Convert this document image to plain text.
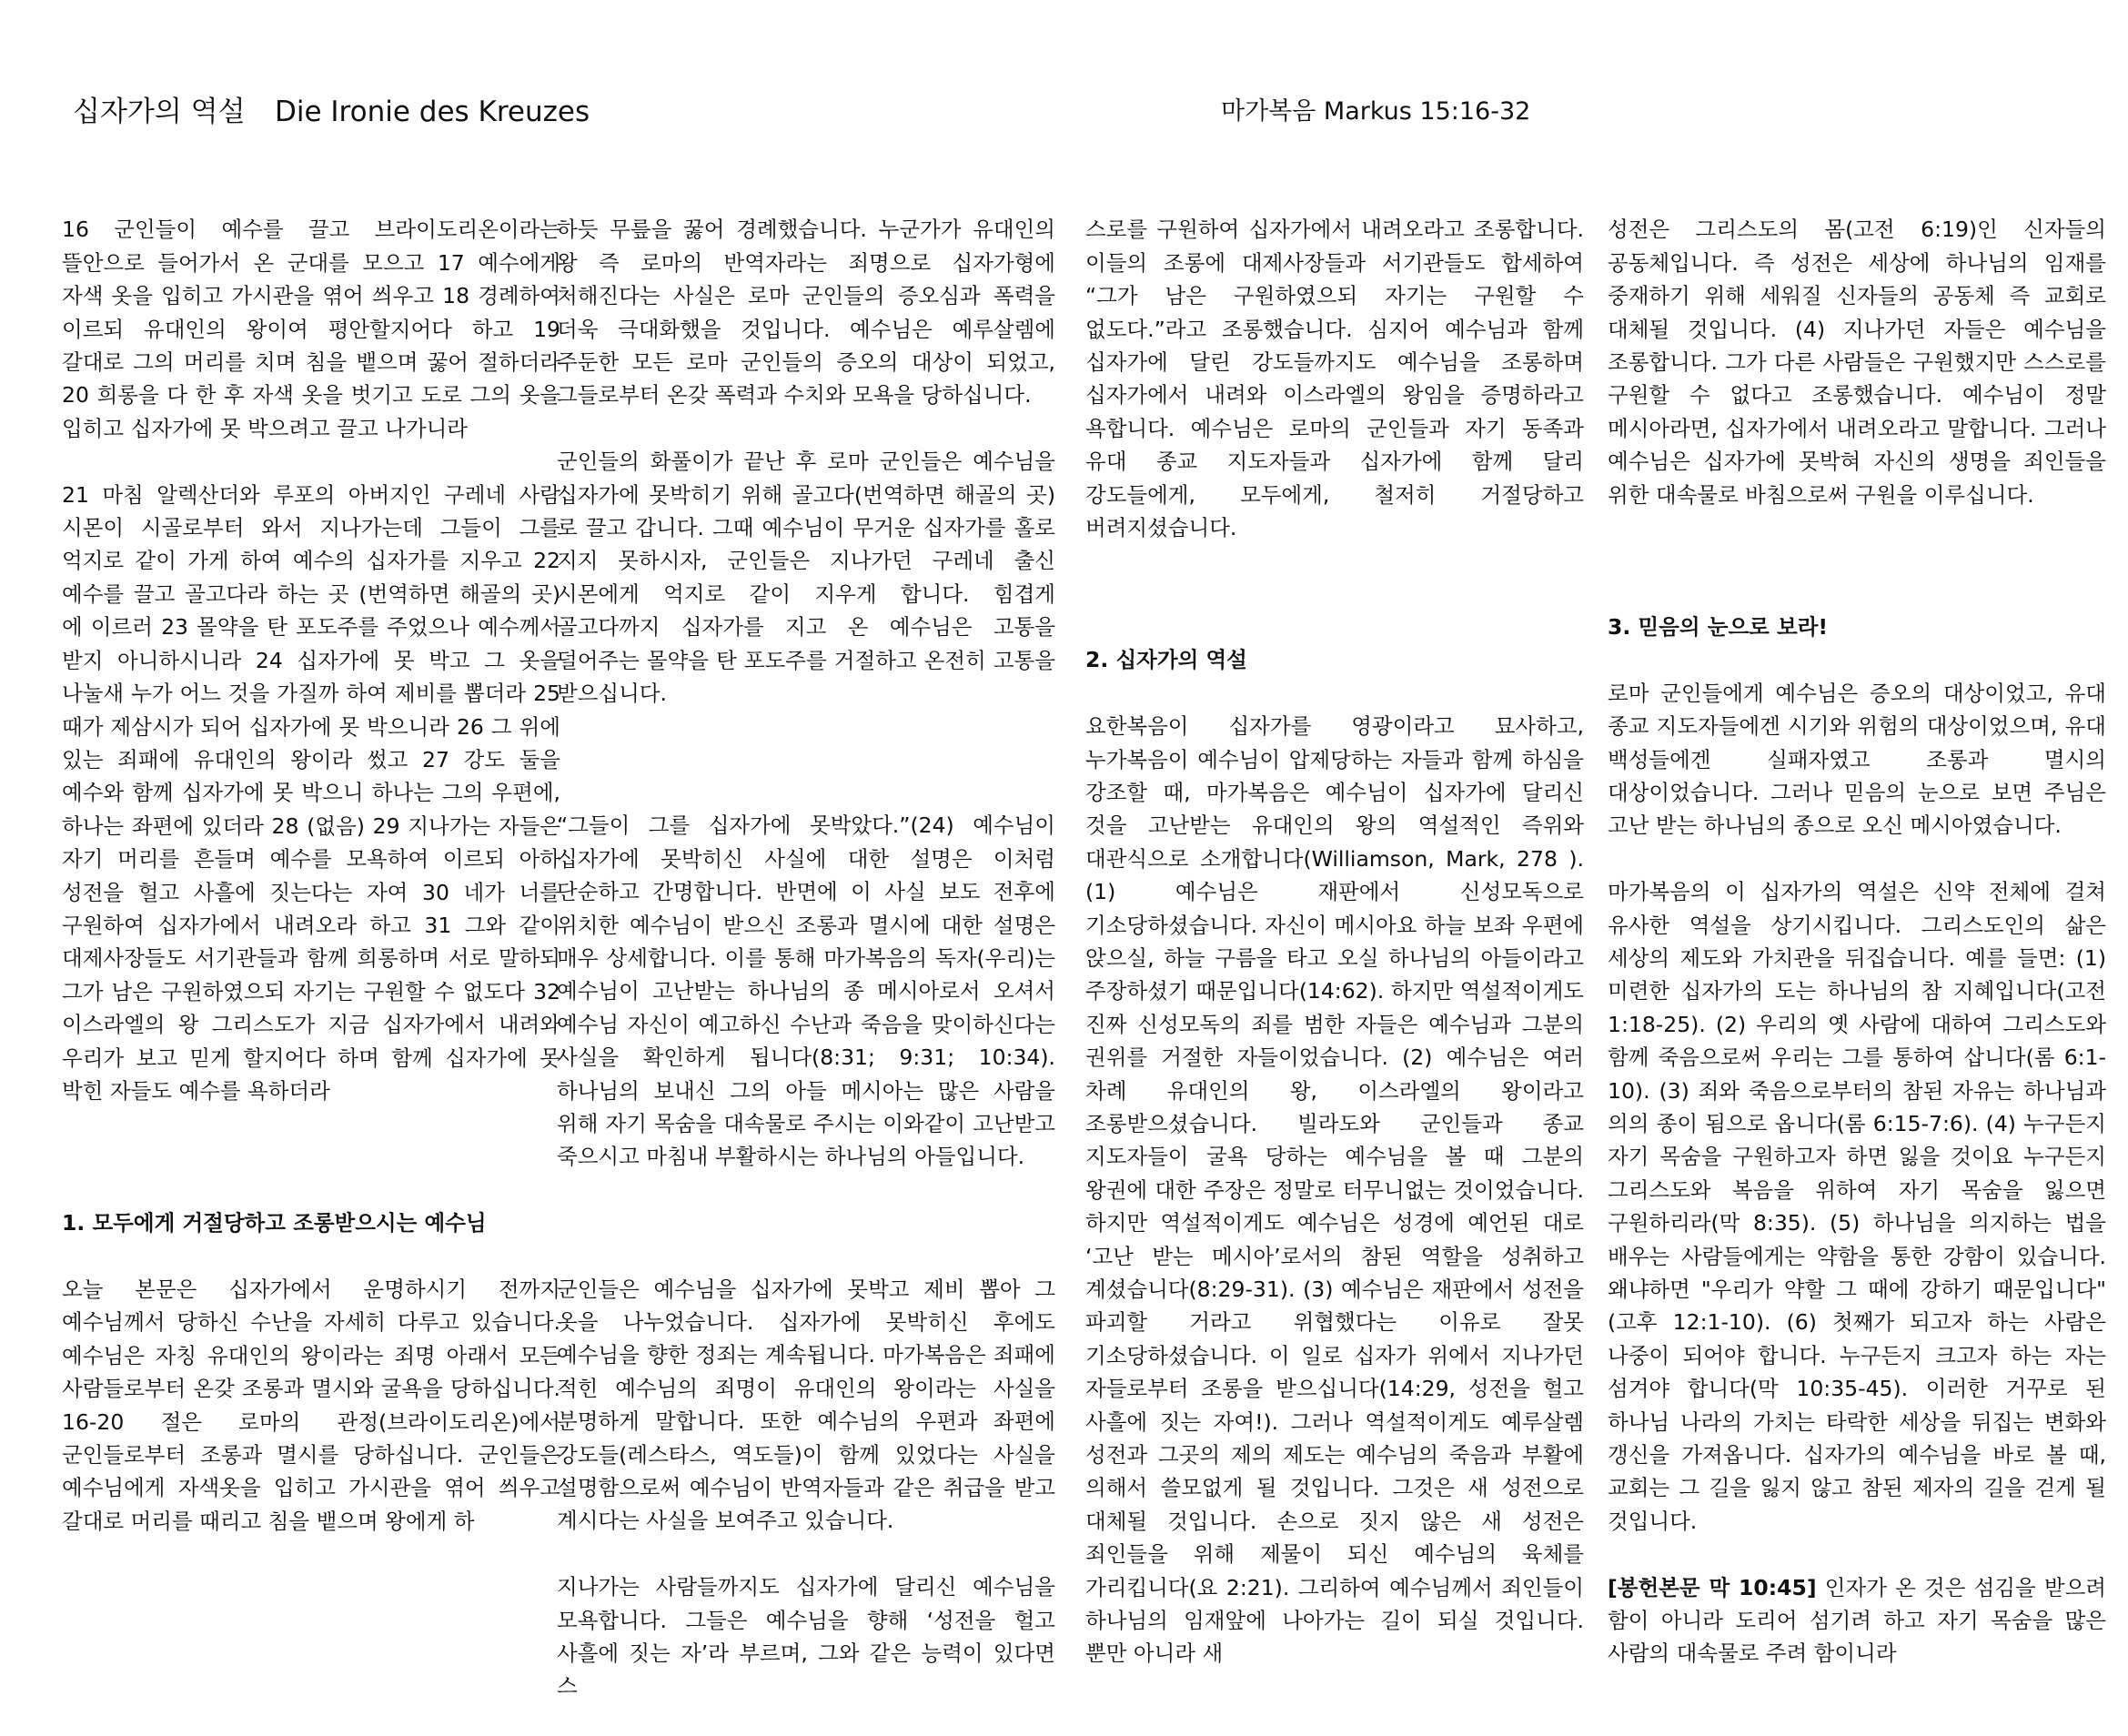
십자가의 역설 Die Ironie des Kreuzes	마가복음 Markus 15:16-32

16 군인들이 예수를 끌고 브라이도리온이라는 뜰안으로 들어가서 온 군대를 모으고 17 예수에게 자색 옷을 입히고 가시관을 엮어 씌우고 18 경례하여 이르되 유대인의 왕이여 평안할지어다 하고 19 갈대로 그의 머리를 치며 침을 뱉으며 꿇어 절하더라 20 희롱을 다 한 후 자색 옷을 벗기고 도로 그의 옷을 입히고 십자가에 못 박으려고 끌고 나가니라

21 마침 알렉산더와 루포의 아버지인 구레네 사람 시몬이 시골로부터 와서 지나가는데 그들이 그를 억지로 같이 가게 하여 예수의 십자가를 지우고 22 예수를 끌고 골고다라 하는 곳 (번역하면 해골의 곳) 에 이르러 23 몰약을 탄 포도주를 주었으나 예수께서 받지 아니하시니라 24 십자가에 못 박고 그 옷을 나눌새 누가 어느 것을 가질까 하여 제비를 뽑더라 25 때가 제삼시가 되어 십자가에 못 박으니라 26 그 위에 있는 죄패에 유대인의 왕이라 썼고 27 강도 둘을 예수와 함께 십자가에 못 박으니 하나는 그의 우편에, 하나는 좌편에 있더라 28 (없음) 29 지나가는 자들은 자기 머리를 흔들며 예수를 모욕하여 이르되 아하 성전을 헐고 사흘에 짓는다는 자여 30 네가 너를 구원하여 십자가에서 내려오라 하고 31 그와 같이 대제사장들도 서기관들과 함께 희롱하며 서로 말하되 그가 남은 구원하였으되 자기는 구원할 수 없도다 32 이스라엘의 왕 그리스도가 지금 십자가에서 내려와 우리가 보고 믿게 할지어다 하며 함께 십자가에 못 박힌 자들도 예수를 욕하더라

1. 모두에게 거절당하고 조롱받으시는 예수님

오늘 본문은 십자가에서 운명하시기 전까지 예수님께서 당하신 수난을 자세히 다루고 있습니다. 예수님은 자칭 유대인의 왕이라는 죄명 아래서 모든 사람들로부터 온갖 조롱과 멸시와 굴욕을 당하십니다. 16-20 절은 로마의 관정(브라이도리온)에서 군인들로부터 조롱과 멸시를 당하십니다. 군인들은 예수님에게 자색옷을 입히고 가시관을 엮어 씌우고 갈대로 머리를 때리고 침을 뱉으며 왕에게 하

하듯 무릎을 꿇어 경례했습니다. 누군가가 유대인의 왕 즉 로마의 반역자라는 죄명으로 십자가형에 처해진다는 사실은 로마 군인들의 증오심과 폭력을 더욱 극대화했을 것입니다. 예수님은 예루살렘에 주둔한 모든 로마 군인들의 증오의 대상이 되었고, 그들로부터 온갖 폭력과 수치와 모욕을 당하십니다.

군인들의 화풀이가 끝난 후 로마 군인들은 예수님을 십자가에 못박히기 위해 골고다(번역하면 해골의 곳)로 끌고 갑니다. 그때 예수님이 무거운 십자가를 홀로 지지 못하시자, 군인들은 지나가던 구레네 출신 시몬에게 억지로 같이 지우게 합니다. 힘겹게 골고다까지 십자가를 지고 온 예수님은 고통을 덜어주는 몰약을 탄 포도주를 거절하고 온전히 고통을 받으십니다.

“그들이 그를 십자가에 못박았다.”(24) 예수님이 십자가에 못박히신 사실에 대한 설명은 이처럼 단순하고 간명합니다. 반면에 이 사실 보도 전후에 위치한 예수님이 받으신 조롱과 멸시에 대한 설명은 매우 상세합니다. 이를 통해 마가복음의 독자(우리)는 예수님이 고난받는 하나님의 종 메시아로서 오셔서 예수님 자신이 예고하신 수난과 죽음을 맞이하신다는 사실을 확인하게 됩니다(8:31; 9:31; 10:34). 하나님의 보내신 그의 아들 메시아는 많은 사람을 위해 자기 목숨을 대속물로 주시는 이와같이 고난받고 죽으시고 마침내 부활하시는 하나님의 아들입니다.

군인들은 예수님을 십자가에 못박고 제비 뽑아 그 옷을 나누었습니다. 십자가에 못박히신 후에도 예수님을 향한 정죄는 계속됩니다. 마가복음은 죄패에 적힌 예수님의 죄명이 유대인의 왕이라는 사실을 분명하게 말합니다. 또한 예수님의 우편과 좌편에 강도들(레스타스, 역도들)이 함께 있었다는 사실을 설명함으로써 예수님이 반역자들과 같은 취급을 받고 계시다는 사실을 보여주고 있습니다.

지나가는 사람들까지도 십자가에 달리신 예수님을 모욕합니다. 그들은 예수님을 향해 ‘성전을 헐고 사흘에 짓는 자’라 부르며, 그와 같은 능력이 있다면 스

스로를 구원하여 십자가에서 내려오라고 조롱합니다. 이들의 조롱에 대제사장들과 서기관들도 합세하여 “그가 남은 구원하였으되 자기는 구원할 수 없도다.”라고 조롱했습니다. 심지어 예수님과 함께 십자가에 달린 강도들까지도 예수님을 조롱하며 십자가에서 내려와 이스라엘의 왕임을 증명하라고 욕합니다. 예수님은 로마의 군인들과 자기 동족과 유대 종교 지도자들과 십자가에 함께 달리 강도들에게, 모두에게, 철저히 거절당하고 버려지셨습니다.

2. 십자가의 역설

요한복음이 십자가를 영광이라고 묘사하고, 누가복음이 예수님이 압제당하는 자들과 함께 하심을 강조할 때, 마가복음은 예수님이 십자가에 달리신 것을 고난받는 유대인의 왕의 역설적인 즉위와 대관식으로 소개합니다(Williamson, Mark, 278 ). (1) 예수님은 재판에서 신성모독으로 기소당하셨습니다. 자신이 메시아요 하늘 보좌 우편에 앉으실, 하늘 구름을 타고 오실 하나님의 아들이라고 주장하셨기 때문입니다(14:62). 하지만 역설적이게도 진짜 신성모독의 죄를 범한 자들은 예수님과 그분의 권위를 거절한 자들이었습니다. (2) 예수님은 여러 차례 유대인의 왕, 이스라엘의 왕이라고 조롱받으셨습니다. 빌라도와 군인들과 종교 지도자들이 굴욕 당하는 예수님을 볼 때 그분의 왕권에 대한 주장은 정말로 터무니없는 것이었습니다. 하지만 역설적이게도 예수님은 성경에 예언된 대로 ‘고난 받는 메시아’로서의 참된 역할을 성취하고 계셨습니다(8:29-31). (3) 예수님은 재판에서 성전을 파괴할 거라고 위협했다는 이유로 잘못 기소당하셨습니다. 이 일로 십자가 위에서 지나가던 자들로부터 조롱을 받으십니다(14:29, 성전을 헐고 사흘에 짓는 자여!). 그러나 역설적이게도 예루살렘 성전과 그곳의 제의 제도는 예수님의 죽음과 부활에 의해서 쓸모없게 될 것입니다. 그것은 새 성전으로 대체될 것입니다. 손으로 짓지 않은 새 성전은 죄인들을 위해 제물이 되신 예수님의 육체를 가리킵니다(요 2:21). 그리하여 예수님께서 죄인들이 하나님의 임재앞에 나아가는 길이 되실 것입니다. 뿐만 아니라 새

성전은 그리스도의 몸(고전 6:19)인 신자들의 공동체입니다. 즉 성전은 세상에 하나님의 임재를 중재하기 위해 세워질 신자들의 공동체 즉 교회로 대체될 것입니다. (4) 지나가던 자들은 예수님을 조롱합니다. 그가 다른 사람들은 구원했지만 스스로를 구원할 수 없다고 조롱했습니다. 예수님이 정말 메시아라면, 십자가에서 내려오라고 말합니다. 그러나 예수님은 십자가에 못박혀 자신의 생명을 죄인들을 위한 대속물로 바침으로써 구원을 이루십니다.

3. 믿음의 눈으로 보라!

로마 군인들에게 예수님은 증오의 대상이었고, 유대 종교 지도자들에겐 시기와 위험의 대상이었으며, 유대 백성들에겐 실패자였고 조롱과 멸시의 대상이었습니다. 그러나 믿음의 눈으로 보면 주님은 고난 받는 하나님의 종으로 오신 메시아였습니다.

마가복음의 이 십자가의 역설은 신약 전체에 걸쳐 유사한 역설을 상기시킵니다. 그리스도인의 삶은 세상의 제도와 가치관을 뒤집습니다. 예를 들면: (1) 미련한 십자가의 도는 하나님의 참 지혜입니다(고전 1:18-25). (2) 우리의 옛 사람에 대하여 그리스도와 함께 죽음으로써 우리는 그를 통하여 삽니다(롬 6:1-10). (3) 죄와 죽음으로부터의 참된 자유는 하나님과 의의 종이 됨으로 옵니다(롬 6:15-7:6). (4) 누구든지 자기 목숨을 구원하고자 하면 잃을 것이요 누구든지 그리스도와 복음을 위하여 자기 목숨을 잃으면 구원하리라(막 8:35). (5) 하나님을 의지하는 법을 배우는 사람들에게는 약함을 통한 강함이 있습니다. 왜냐하면 "우리가 약할 그 때에 강하기 때문입니다"(고후 12:1-10). (6) 첫째가 되고자 하는 사람은 나중이 되어야 합니다. 누구든지 크고자 하는 자는 섬겨야 합니다(막 10:35-45). 이러한 거꾸로 된 하나님 나라의 가치는 타락한 세상을 뒤집는 변화와 갱신을 가져옵니다. 십자가의 예수님을 바로 볼 때, 교회는 그 길을 잃지 않고 참된 제자의 길을 걷게 될 것입니다.

[봉헌본문 막 10:45] 인자가 온 것은 섬김을 받으려 함이 아니라 도리어 섬기려 하고 자기 목숨을 많은 사람의 대속물로 주려 함이니라
